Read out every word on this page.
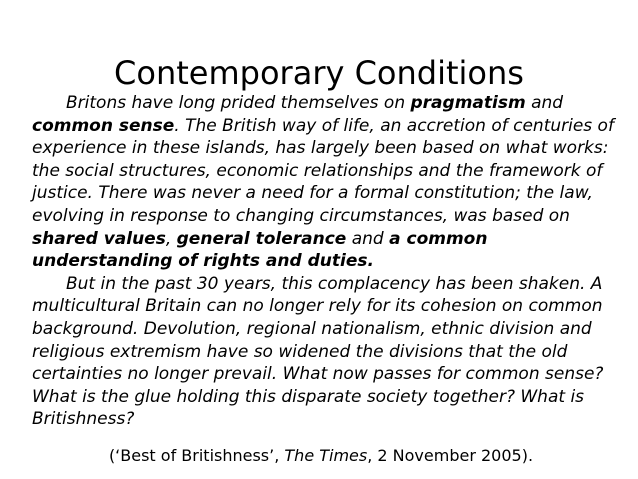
Contemporary Conditions

Britons have long prided themselves on pragmatism and common sense. The British way of life, an accretion of centuries of experience in these islands, has largely been based on what works: the social structures, economic relationships and the framework of justice. There was never a need for a formal constitution; the law, evolving in response to changing circumstances, was based on shared values, general tolerance and a common understanding of rights and duties.

But in the past 30 years, this complacency has been shaken. A multicultural Britain can no longer rely for its cohesion on common background. Devolution, regional nationalism, ethnic division and religious extremism have so widened the divisions that the old certainties no longer prevail. What now passes for common sense? What is the glue holding this disparate society together? What is Britishness?

(‘Best of Britishness’, The Times, 2 November 2005).
